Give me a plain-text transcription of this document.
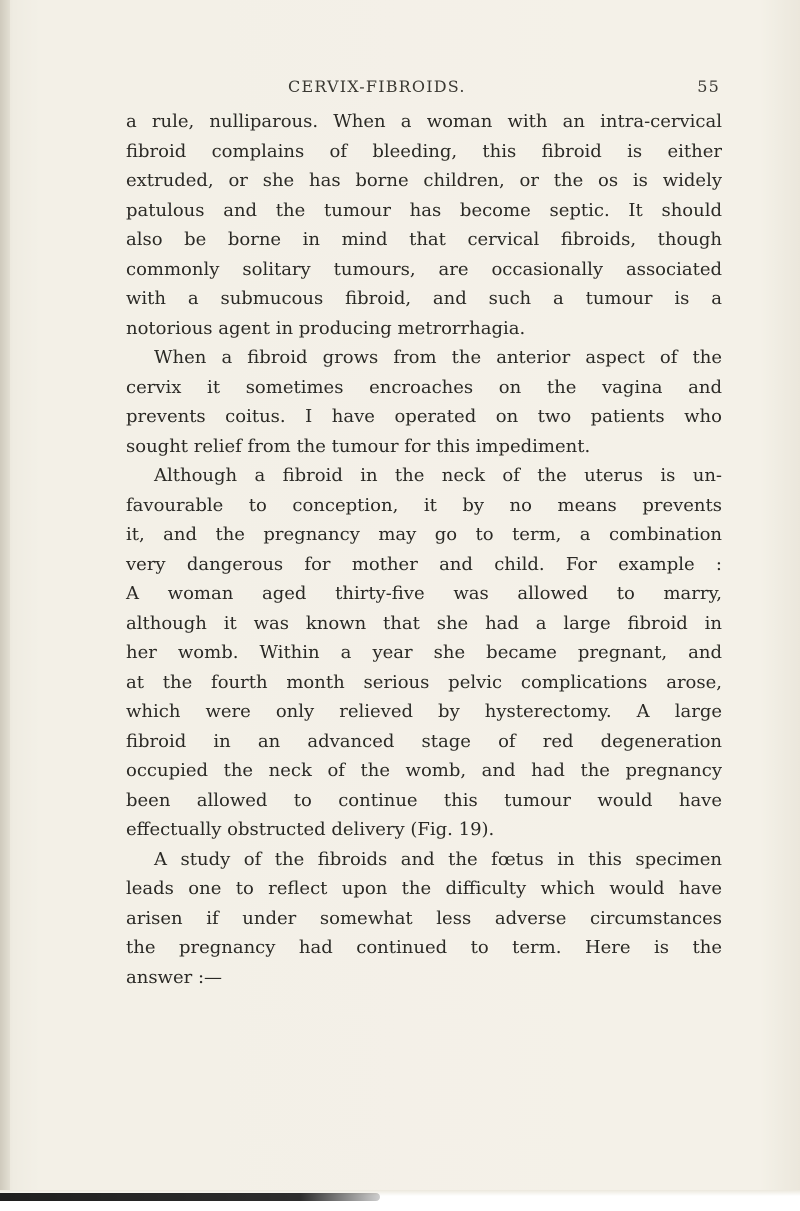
CERVIX-FIBROIDS.	55
a rule, nulliparous. When a woman with an intra-cervical
fibroid complains of bleeding, this fibroid is either
extruded, or she has borne children, or the os is widely
patulous and the tumour has become septic. It should
also be borne in mind that cervical fibroids, though
commonly solitary tumours, are occasionally associated
with a submucous fibroid, and such a tumour is a
notorious agent in producing metrorrhagia.
When a fibroid grows from the anterior aspect of the
cervix it sometimes encroaches on the vagina and
prevents coitus. I have operated on two patients who
sought relief from the tumour for this impediment.
Although a fibroid in the neck of the uterus is un-
favourable to conception, it by no means prevents
it, and the pregnancy may go to term, a combination
very dangerous for mother and child. For example :
A woman aged thirty-five was allowed to marry,
although it was known that she had a large fibroid in
her womb. Within a year she became pregnant, and
at the fourth month serious pelvic complications arose,
which were only relieved by hysterectomy. A large
fibroid in an advanced stage of red degeneration
occupied the neck of the womb, and had the pregnancy
been allowed to continue this tumour would have
effectually obstructed delivery (Fig. 19).
A study of the fibroids and the fœtus in this specimen
leads one to reflect upon the difficulty which would have
arisen if under somewhat less adverse circumstances
the pregnancy had continued to term. Here is the
answer :—
